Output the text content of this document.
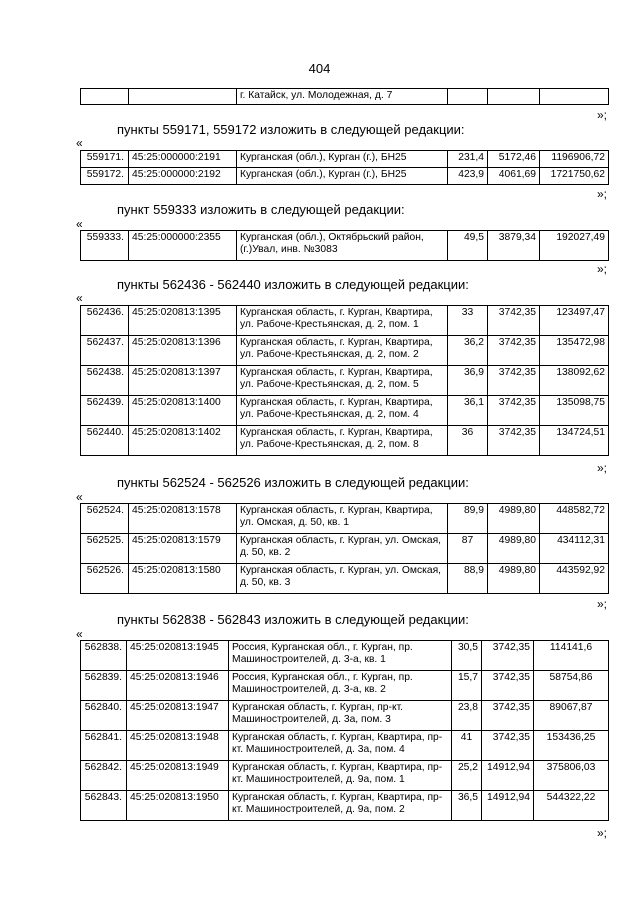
404
		г. Катайск, ул. Молодежная, д. 7			
»;
пункты 559171, 559172 изложить в следующей редакции:
«
559171.	45:25:000000:2191	Курганская (обл.), Курган (г.), БН25	231,4	5172,46	1196906,72
559172.	45:25:000000:2192	Курганская (обл.), Курган (г.), БН25	423,9	4061,69	1721750,62
»;
пункт 559333 изложить в следующей редакции:
«
559333.	45:25:000000:2355	Курганская (обл.), Октябрьский район, (г.)Увал, инв. №3083	49,5	3879,34	192027,49
»;
пункты 562436 - 562440 изложить в следующей редакции:
«
562436.	45:25:020813:1395	Курганская область, г. Курган, Квартира, ул. Рабоче-Крестьянская, д. 2, пом. 1	33	3742,35	123497,47
562437.	45:25:020813:1396	Курганская область, г. Курган, Квартира, ул. Рабоче-Крестьянская, д. 2, пом. 2	36,2	3742,35	135472,98
562438.	45:25:020813:1397	Курганская область, г. Курган, Квартира, ул. Рабоче-Крестьянская, д. 2, пом. 5	36,9	3742,35	138092,62
562439.	45:25:020813:1400	Курганская область, г. Курган, Квартира, ул. Рабоче-Крестьянская, д. 2, пом. 4	36,1	3742,35	135098,75
562440.	45:25:020813:1402	Курганская область, г. Курган, Квартира, ул. Рабоче-Крестьянская, д. 2, пом. 8	36	3742,35	134724,51
»;
пункты 562524 - 562526 изложить в следующей редакции:
«
562524.	45:25:020813:1578	Курганская область, г. Курган, Квартира, ул. Омская, д. 50, кв. 1	89,9	4989,80	448582,72
562525.	45:25:020813:1579	Курганская область, г. Курган, ул. Омская, д. 50, кв. 2	87	4989,80	434112,31
562526.	45:25:020813:1580	Курганская область, г. Курган, ул. Омская, д. 50, кв. 3	88,9	4989,80	443592,92
»;
пункты 562838 - 562843 изложить в следующей редакции:
«
562838.	45:25:020813:1945	Россия, Курганская обл., г. Курган, пр. Машиностроителей, д. 3-а, кв. 1	30,5	3742,35	114141,6
562839.	45:25:020813:1946	Россия, Курганская обл., г. Курган, пр. Машиностроителей, д. 3-а, кв. 2	15,7	3742,35	58754,86
562840.	45:25:020813:1947	Курганская область, г. Курган, пр-кт. Машиностроителей, д. 3а, пом. 3	23,8	3742,35	89067,87
562841.	45:25:020813:1948	Курганская область, г. Курган, Квартира, пр-кт. Машиностроителей, д. 3а, пом. 4	41	3742,35	153436,25
562842.	45:25:020813:1949	Курганская область, г. Курган, Квартира, пр-кт. Машиностроителей, д. 9а, пом. 1	25,2	14912,94	375806,03
562843.	45:25:020813:1950	Курганская область, г. Курган, Квартира, пр-кт. Машиностроителей, д. 9а, пом. 2	36,5	14912,94	544322,22
»;
